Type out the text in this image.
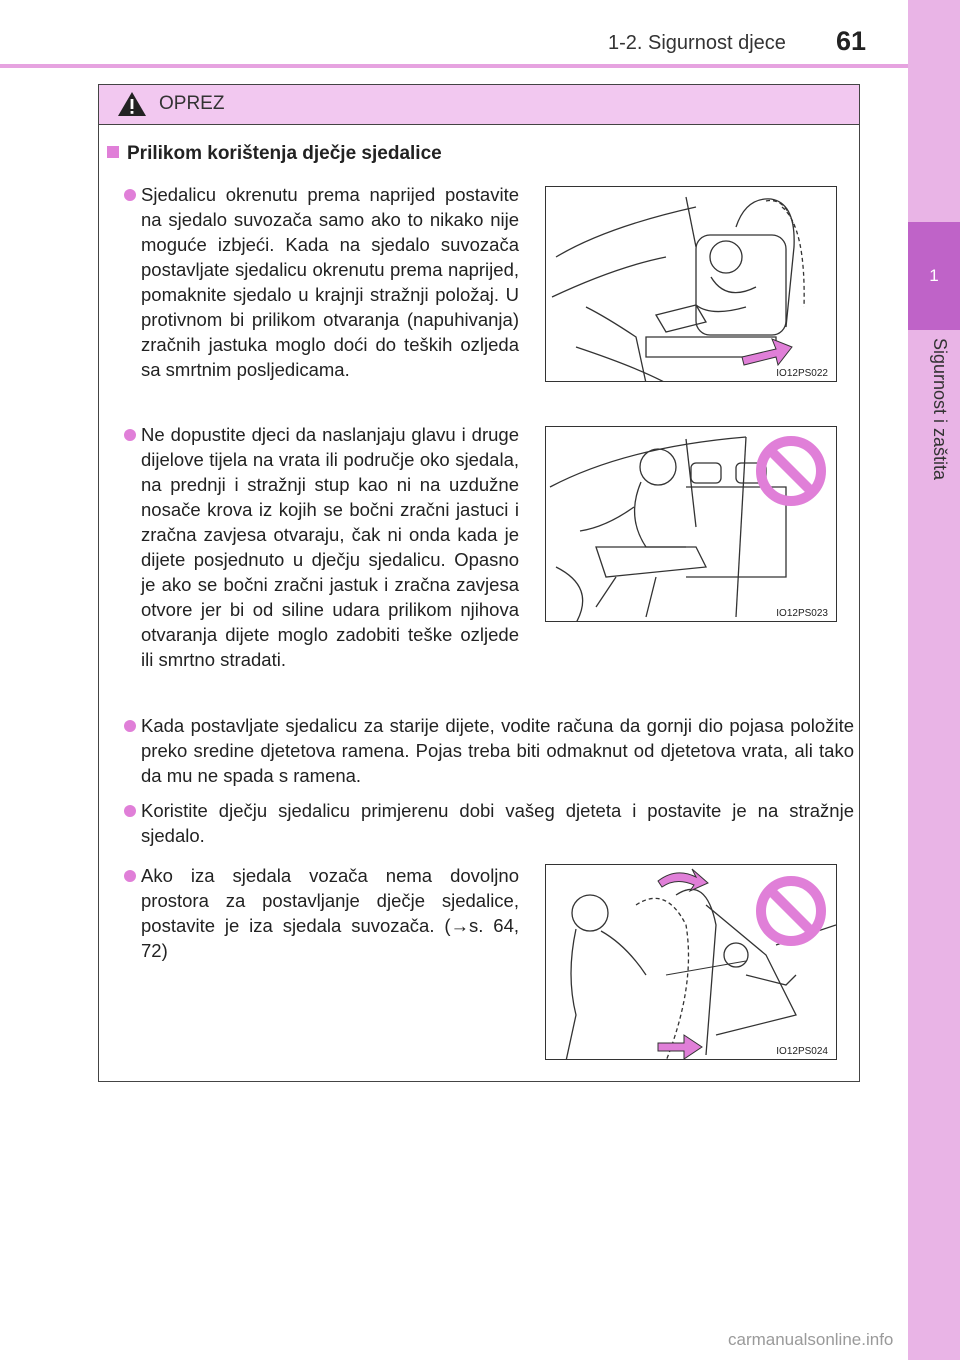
1-2. Sigurnost djece 61
1
Sigurnost i zaštita
OPREZ
Prilikom korištenja dječje sjedalice
Sjedalicu okrenutu prema naprijed postavite na sjedalo suvozača samo ako to nikako nije moguće izbjeći. Kada na sjedalo suvozača postavljate sjedalicu okrenutu prema naprijed, pomaknite sjedalo u krajnji stražnji položaj. U protivnom bi prilikom otvaranja (napuhivanja) zračnih jastuka moglo doći do teških ozljeda sa smrtnim posljedicama.	IO12PS022
Ne dopustite djeci da naslanjaju glavu i druge dijelove tijela na vrata ili područje oko sjedala, na prednji i stražnji stup kao ni na uzdužne nosače krova iz kojih se bočni zračni jastuci i zračna zavjesa otvaraju, čak ni onda kada je dijete posjednuto u dječju sjedalicu. Opasno je ako se bočni zračni jastuk i zračna zavjesa otvore jer bi od siline udara prilikom njihova otvaranja dijete moglo zadobiti teške ozljede ili smrtno stradati.
IO12PS023
Kada postavljate sjedalicu za starije dijete, vodite računa da gornji dio pojasa položite preko sredine djetetova ramena. Pojas treba biti odmaknut od djetetova vrata, ali tako da mu ne spada s ramena.
Koristite dječju sjedalicu primjerenu dobi vašeg djeteta i postavite je na stražnje sjedalo.
Ako iza sjedala vozača nema dovoljno prostora za postavljanje dječje sjedalice, postavite je iza sjedala suvozača. (→s. 64, 72)
IO12PS024
carmanualsonline.info
